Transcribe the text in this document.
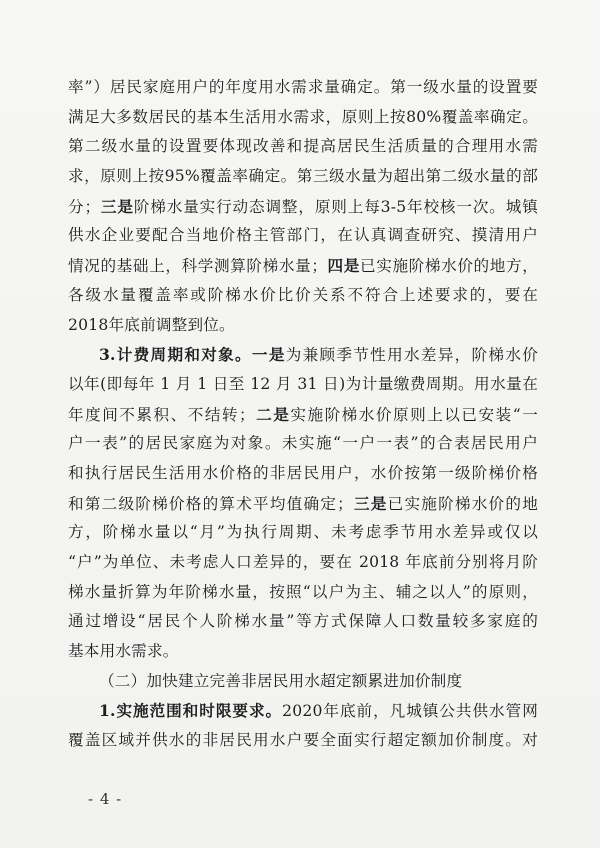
率”）居民家庭用户的年度用水需求量确定。第一级水量的设置要
满足大多数居民的基本生活用水需求，原则上按80%覆盖率确定。
第二级水量的设置要体现改善和提高居民生活质量的合理用水需
求，原则上按95%覆盖率确定。第三级水量为超出第二级水量的部
分；三是阶梯水量实行动态调整，原则上每3-5年校核一次。城镇
供水企业要配合当地价格主管部门，在认真调查研究、摸清用户
情况的基础上，科学测算阶梯水量；四是已实施阶梯水价的地方，
各级水量覆盖率或阶梯水价比价关系不符合上述要求的，要在
2018年底前调整到位。
3.计费周期和对象。一是为兼顾季节性用水差异，阶梯水价
以年(即每年 1 月 1 日至 12 月 31 日)为计量缴费周期。用水量在
年度间不累积、不结转；二是实施阶梯水价原则上以已安装“一
户一表”的居民家庭为对象。未实施“一户一表”的合表居民用户
和执行居民生活用水价格的非居民用户，水价按第一级阶梯价格
和第二级阶梯价格的算术平均值确定；三是已实施阶梯水价的地
方，阶梯水量以“月”为执行周期、未考虑季节用水差异或仅以
“户”为单位、未考虑人口差异的，要在 2018 年底前分别将月阶
梯水量折算为年阶梯水量，按照“以户为主、辅之以人”的原则，
通过增设“居民个人阶梯水量”等方式保障人口数量较多家庭的
基本用水需求。
（二）加快建立完善非居民用水超定额累进加价制度
1.实施范围和时限要求。2020年底前，凡城镇公共供水管网
覆盖区域并供水的非居民用水户要全面实行超定额加价制度。对
- 4 -
